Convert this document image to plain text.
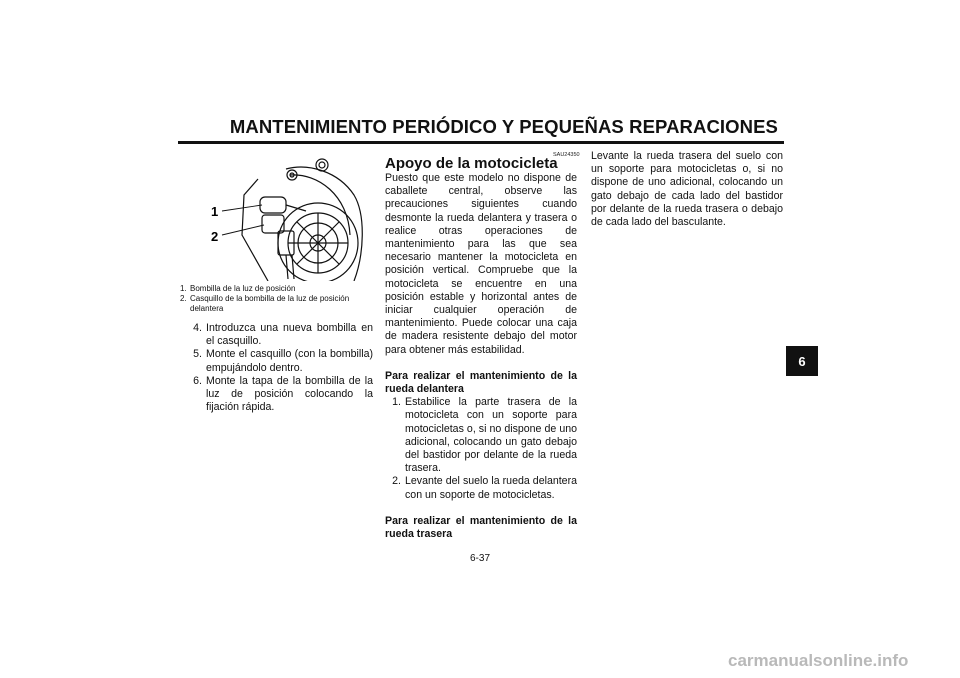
MANTENIMIENTO PERIÓDICO Y PEQUEÑAS REPARACIONES
1
2
1. Bombilla de la luz de posición
2. Casquillo de la bombilla de la luz de posición delantera
4. Introduzca una nueva bombilla en el casquillo.
5. Monte el casquillo (con la bombilla) empujándolo dentro.
6. Monte la tapa de la bombilla de la luz de posición colocando la fijación rápida.
SAU24350
Apoyo de la motocicleta

Puesto que este modelo no dispone de caballete central, observe las precauciones siguientes cuando desmonte la rueda delantera y trasera o realice otras operaciones de mantenimiento para las que sea necesario mantener la motocicleta en posición vertical. Compruebe que la motocicleta se encuentre en una posición estable y horizontal antes de iniciar cualquier operación de mantenimiento. Puede colocar una caja de madera resistente debajo del motor para obtener más estabilidad.

Para realizar el mantenimiento de la rueda delantera
1. Estabilice la parte trasera de la motocicleta con un soporte para motocicletas o, si no dispone de uno adicional, colocando un gato debajo del bastidor por delante de la rueda trasera.
2. Levante del suelo la rueda delantera con un soporte de motocicletas.
Para realizar el mantenimiento de la rueda trasera

Levante la rueda trasera del suelo con un soporte para motocicletas o, si no dispone de uno adicional, colocando un gato debajo de cada lado del bastidor por delante de la rueda trasera o debajo de cada lado del basculante.

6
6-37
carmanualsonline.info
